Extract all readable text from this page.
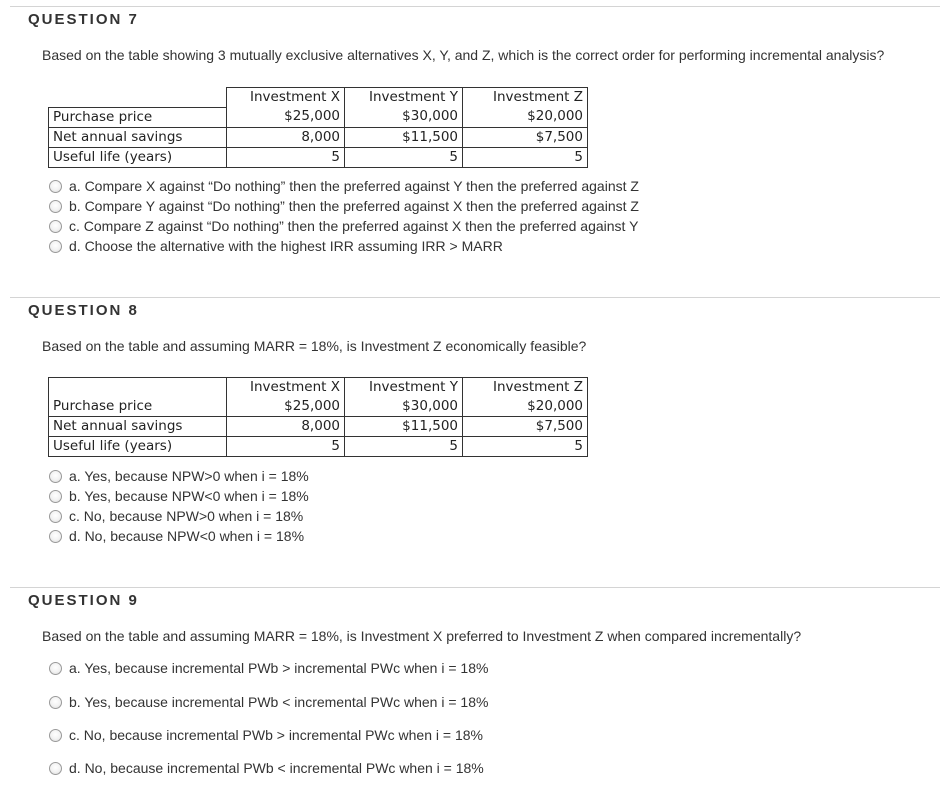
QUESTION 7
Based on the table showing 3 mutually exclusive alternatives X, Y, and Z, which is the correct order for performing incremental analysis?
	Investment X	Investment Y	Investment Z
Purchase price	$25,000	$30,000	$20,000
Net annual savings	8,000	$11,500	$7,500
Useful life (years)	5	5	5
a. Compare X against “Do nothing” then the preferred against Y then the preferred against Z
b. Compare Y against “Do nothing” then the preferred against X then the preferred against Z
c. Compare Z against “Do nothing” then the preferred against X then the preferred against Y
d. Choose the alternative with the highest IRR assuming IRR > MARR
QUESTION 8
Based on the table and assuming MARR = 18%, is Investment Z economically feasible?
	Investment X	Investment Y	Investment Z
Purchase price	$25,000	$30,000	$20,000
Net annual savings	8,000	$11,500	$7,500
Useful life (years)	5	5	5
a. Yes, because NPW>0 when i = 18%
b. Yes, because NPW<0 when i = 18%
c. No, because NPW>0 when i = 18%
d. No, because NPW<0 when i = 18%
QUESTION 9
Based on the table and assuming MARR = 18%, is Investment X preferred to Investment Z when compared incrementally?
a. Yes, because incremental PWb > incremental PWc when i = 18%
b. Yes, because incremental PWb < incremental PWc when i = 18%
c. No, because incremental PWb > incremental PWc when i = 18%
d. No, because incremental PWb < incremental PWc when i = 18%
